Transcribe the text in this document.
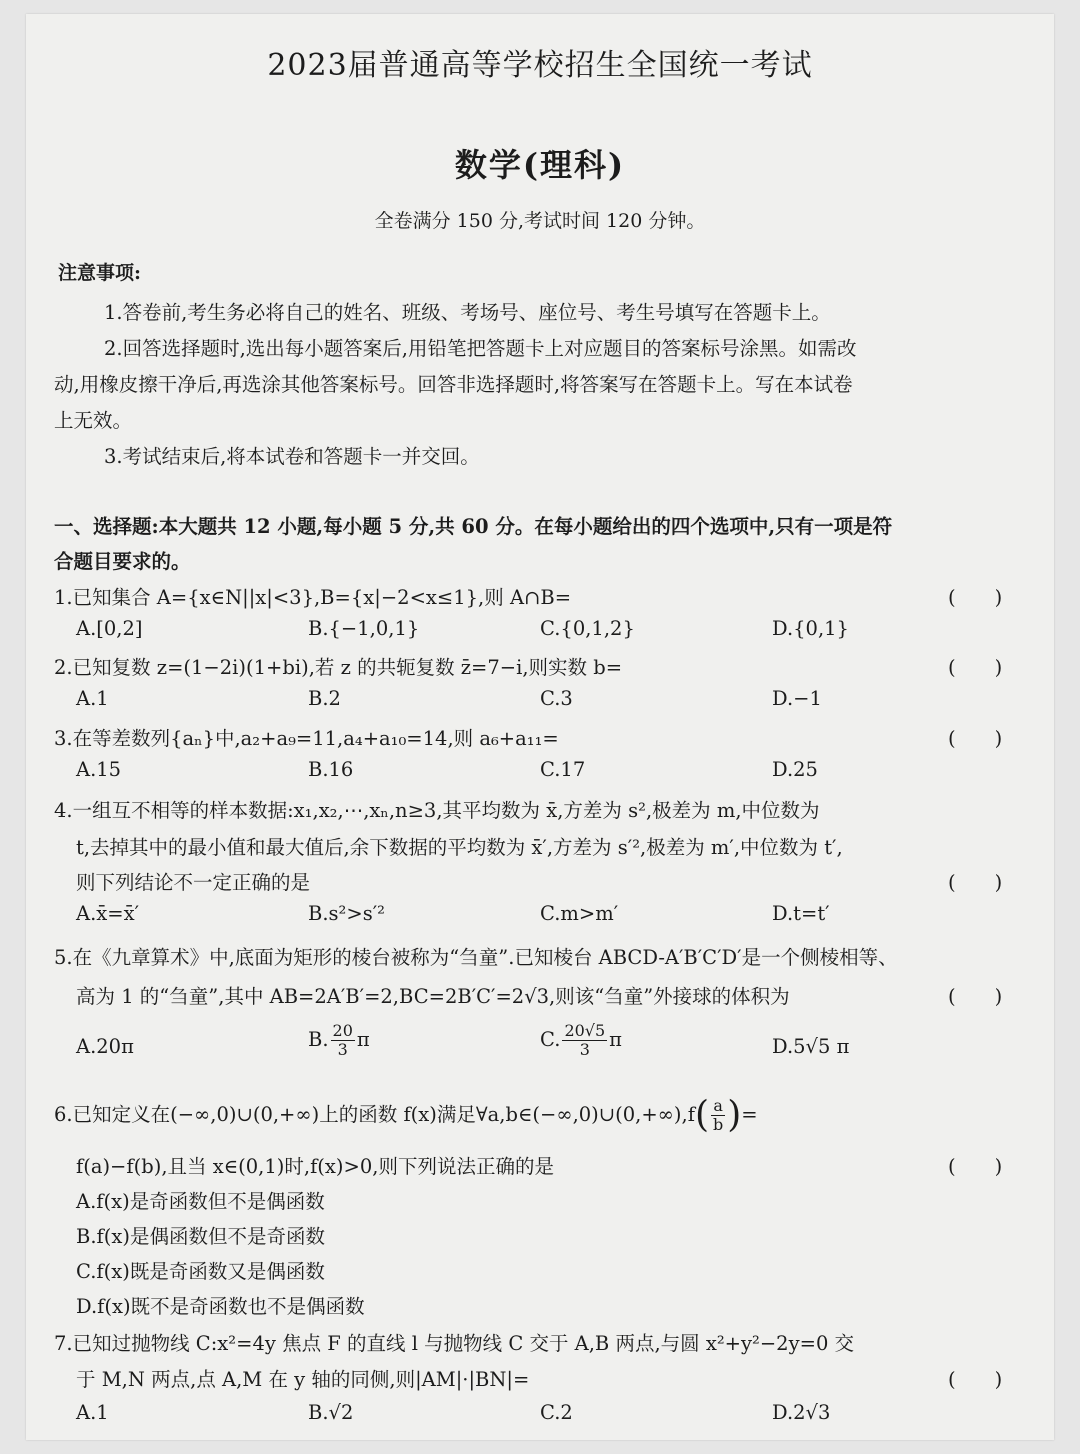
2023届普通高等学校招生全国统一考试
数学(理科)
全卷满分 150 分,考试时间 120 分钟。
注意事项:
1.答卷前,考生务必将自己的姓名、班级、考场号、座位号、考生号填写在答题卡上。
2.回答选择题时,选出每小题答案后,用铅笔把答题卡上对应题目的答案标号涂黑。如需改
动,用橡皮擦干净后,再选涂其他答案标号。回答非选择题时,将答案写在答题卡上。写在本试卷
上无效。
3.考试结束后,将本试卷和答题卡一并交回。
一、选择题:本大题共 12 小题,每小题 5 分,共 60 分。在每小题给出的四个选项中,只有一项是符
合题目要求的。
1.已知集合 A={x∈N||x|<3},B={x|−2<x≤1},则 A∩B=	(　　)
A.[0,2]	B.{−1,0,1}	C.{0,1,2}	D.{0,1}
2.已知复数 z=(1−2i)(1+bi),若 z 的共轭复数 z̄=7−i,则实数 b=	(　　)
A.1	B.2	C.3	D.−1
3.在等差数列{aₙ}中,a₂+a₉=11,a₄+a₁₀=14,则 a₆+a₁₁=	(　　)
A.15	B.16	C.17	D.25
4.一组互不相等的样本数据:x₁,x₂,⋯,xₙ,n≥3,其平均数为 x̄,方差为 s²,极差为 m,中位数为
t,去掉其中的最小值和最大值后,余下数据的平均数为 x̄′,方差为 s′²,极差为 m′,中位数为 t′,
则下列结论不一定正确的是	(　　)
A.x̄=x̄′	B.s²>s′²	C.m>m′	D.t=t′
5.在《九章算术》中,底面为矩形的棱台被称为“刍童”.已知棱台 ABCD-A′B′C′D′是一个侧棱相等、
高为 1 的“刍童”,其中 AB=2A′B′=2,BC=2B′C′=2√3,则该“刍童”外接球的体积为	(　　)
A.20π	B. $\frac{20}{3}$ π	C. $\frac{20√5}{3}$ π	D.5√5 π
6.已知定义在(−∞,0)∪(0,+∞)上的函数 f(x)满足∀a,b∈(−∞,0)∪(0,+∞),f( $\frac{a}{b}$ )=
f(a)−f(b),且当 x∈(0,1)时,f(x)>0,则下列说法正确的是	(　　)
A.f(x)是奇函数但不是偶函数
B.f(x)是偶函数但不是奇函数
C.f(x)既是奇函数又是偶函数
D.f(x)既不是奇函数也不是偶函数
7.已知过抛物线 C:x²=4y 焦点 F 的直线 l 与抛物线 C 交于 A,B 两点,与圆 x²+y²−2y=0 交
于 M,N 两点,点 A,M 在 y 轴的同侧,则|AM|·|BN|=	(　　)
A.1	B.√2	C.2	D.2√3
